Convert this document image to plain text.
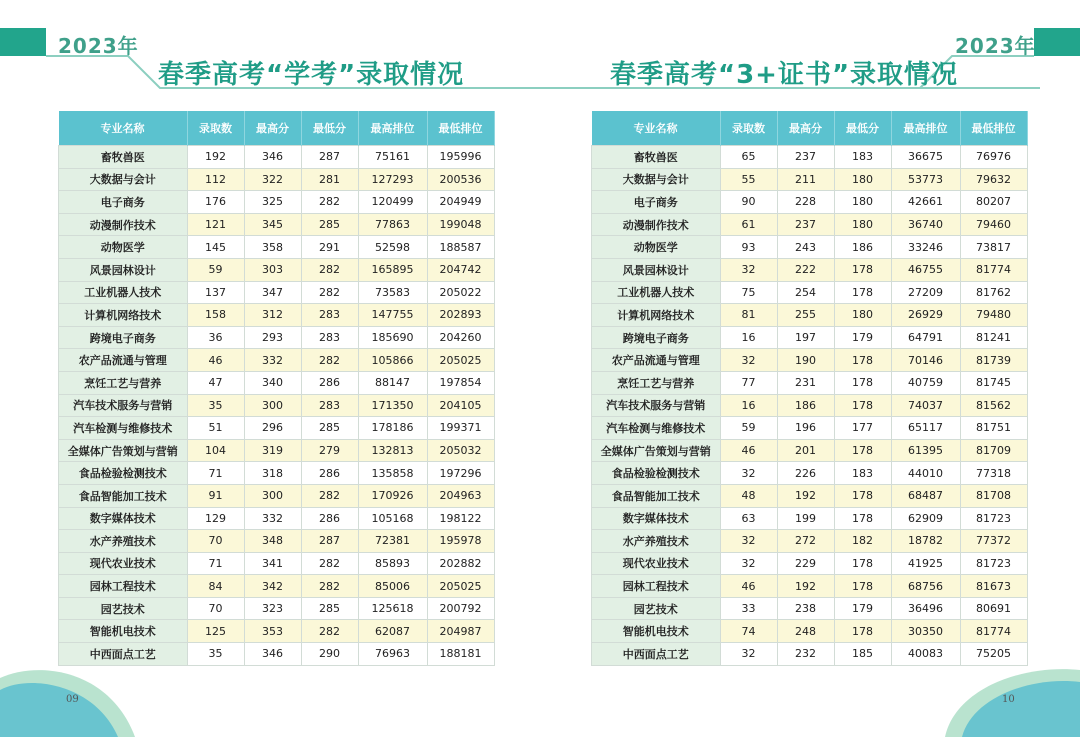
2023年
春季高考“学考”录取情况
2023年
春季高考“3+证书”录取情况
专业名称	录取数	最高分	最低分	最高排位	最低排位
畜牧兽医	192	346	287	75161	195996
大数据与会计	112	322	281	127293	200536
电子商务	176	325	282	120499	204949
动漫制作技术	121	345	285	77863	199048
动物医学	145	358	291	52598	188587
风景园林设计	59	303	282	165895	204742
工业机器人技术	137	347	282	73583	205022
计算机网络技术	158	312	283	147755	202893
跨境电子商务	36	293	283	185690	204260
农产品流通与管理	46	332	282	105866	205025
烹饪工艺与营养	47	340	286	88147	197854
汽车技术服务与营销	35	300	283	171350	204105
汽车检测与维修技术	51	296	285	178186	199371
全媒体广告策划与营销	104	319	279	132813	205032
食品检验检测技术	71	318	286	135858	197296
食品智能加工技术	91	300	282	170926	204963
数字媒体技术	129	332	286	105168	198122
水产养殖技术	70	348	287	72381	195978
现代农业技术	71	341	282	85893	202882
园林工程技术	84	342	282	85006	205025
园艺技术	70	323	285	125618	200792
智能机电技术	125	353	282	62087	204987
中西面点工艺	35	346	290	76963	188181
专业名称	录取数	最高分	最低分	最高排位	最低排位
畜牧兽医	65	237	183	36675	76976
大数据与会计	55	211	180	53773	79632
电子商务	90	228	180	42661	80207
动漫制作技术	61	237	180	36740	79460
动物医学	93	243	186	33246	73817
风景园林设计	32	222	178	46755	81774
工业机器人技术	75	254	178	27209	81762
计算机网络技术	81	255	180	26929	79480
跨境电子商务	16	197	179	64791	81241
农产品流通与管理	32	190	178	70146	81739
烹饪工艺与营养	77	231	178	40759	81745
汽车技术服务与营销	16	186	178	74037	81562
汽车检测与维修技术	59	196	177	65117	81751
全媒体广告策划与营销	46	201	178	61395	81709
食品检验检测技术	32	226	183	44010	77318
食品智能加工技术	48	192	178	68487	81708
数字媒体技术	63	199	178	62909	81723
水产养殖技术	32	272	182	18782	77372
现代农业技术	32	229	178	41925	81723
园林工程技术	46	192	178	68756	81673
园艺技术	33	238	179	36496	80691
智能机电技术	74	248	178	30350	81774
中西面点工艺	32	232	185	40083	75205
09	10
